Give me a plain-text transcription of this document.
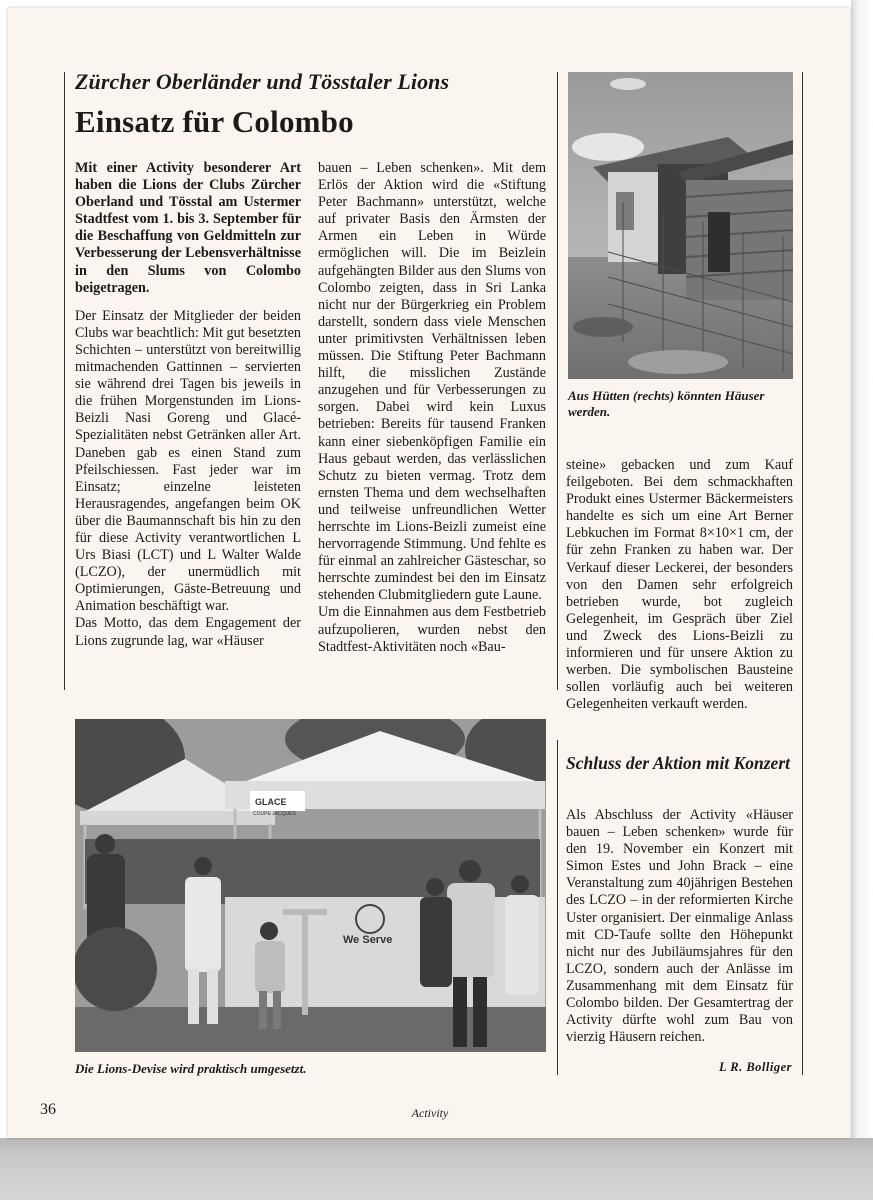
Zürcher Oberländer und Tösstaler Lions
Einsatz für Colombo

Mit einer Activity besonderer Art haben die Lions der Clubs Zürcher Oberland und Tösstal am Ustermer Stadtfest vom 1. bis 3. September für die Beschaffung von Geldmitteln zur Verbesserung der Lebensverhältnisse in den Slums von Colombo beigetragen.

Der Einsatz der Mitglieder der beiden Clubs war beachtlich: Mit gut besetzten Schichten – unterstützt von bereitwillig mitmachenden Gattinnen – servierten sie während drei Tagen bis jeweils in die frühen Morgenstunden im Lions-Beizli Nasi Goreng und Glacé-Spezialitäten nebst Getränken aller Art. Daneben gab es einen Stand zum Pfeilschiessen. Fast jeder war im Einsatz; einzelne leisteten Herausragendes, angefangen beim OK über die Baumannschaft bis hin zu den für diese Activity verantwortlichen L Urs Biasi (LCT) und L Walter Walde (LCZO), der unermüdlich mit Optimierungen, Gäste-Betreuung und Animation beschäftigt war.

Das Motto, das dem Engagement der Lions zugrunde lag, war «Häuser

bauen – Leben schenken». Mit dem Erlös der Aktion wird die «Stiftung Peter Bachmann» unterstützt, welche auf privater Basis den Ärmsten der Armen ein Leben in Würde ermöglichen will. Die im Beizlein aufgehängten Bilder aus den Slums von Colombo zeigten, dass in Sri Lanka nicht nur der Bürgerkrieg ein Problem darstellt, sondern dass viele Menschen unter primitivsten Verhältnissen leben müssen. Die Stiftung Peter Bachmann hilft, die misslichen Zustände anzugehen und für Verbesserungen zu sorgen. Dabei wird kein Luxus betrieben: Bereits für tausend Franken kann einer siebenköpfigen Familie ein Haus gebaut werden, das verlässlichen Schutz zu bieten vermag. Trotz dem ernsten Thema und dem wechselhaften und teilweise unfreundlichen Wetter herrschte im Lions-Beizli zumeist eine hervorragende Stimmung. Und fehlte es für einmal an zahlreicher Gästeschar, so herrschte zumindest bei den im Einsatz stehenden Clubmitgliedern gute Laune.

Um die Einnahmen aus dem Festbetrieb aufzupolieren, wurden nebst den Stadtfest-Aktivitäten noch «Bau-

Aus Hütten (rechts) könnten Häuser werden.

steine» gebacken und zum Kauf feilgeboten. Bei dem schmackhaften Produkt eines Ustermer Bäckermeisters handelte es sich um eine Art Berner Lebkuchen im Format 8×10×1 cm, der für zehn Franken zu haben war. Der Verkauf dieser Leckerei, der besonders von den Damen sehr erfolgreich betrieben wurde, bot zugleich Gelegenheit, im Gespräch über Ziel und Zweck des Lions-Beizli zu informieren und für unsere Aktion zu werben. Die symbolischen Bausteine sollen vorläufig auch bei weiteren Gelegenheiten verkauft werden.

Schluss der Aktion mit Konzert

Als Abschluss der Activity «Häuser bauen – Leben schenken» wurde für den 19. November ein Konzert mit Simon Estes und John Brack – eine Veranstaltung zum 40jährigen Bestehen des LCZO – in der reformierten Kirche Uster organisiert. Der einmalige Anlass mit CD-Taufe sollte den Höhepunkt nicht nur des Jubiläumsjahres für den LCZO, sondern auch der Anlässe im Zusammenhang mit dem Einsatz für Colombo bilden. Der Gesamtertrag der Activity dürfte wohl zum Bau von vierzig Häusern reichen.

L R. Bolliger
GLACE
COUPE JACQUES
We Serve
Die Lions-Devise wird praktisch umgesetzt.
36	Activity
